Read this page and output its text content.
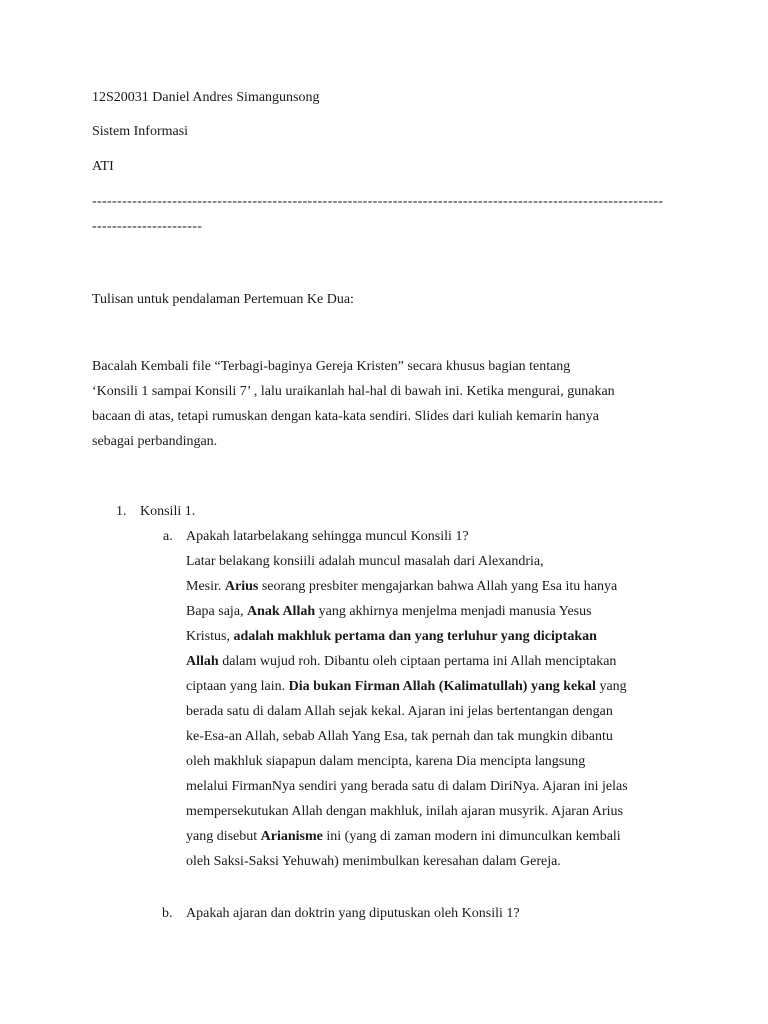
12S20031 Daniel Andres Simangunsong
Sistem Informasi
ATI
------------------------------------------------------------------------------------------------------------------
----------------------
Tulisan untuk pendalaman Pertemuan Ke Dua:
Bacalah Kembali file “Terbagi-baginya Gereja Kristen” secara khusus bagian tentang
‘Konsili 1 sampai Konsili 7’ , lalu uraikanlah hal-hal di bawah ini. Ketika mengurai, gunakan
bacaan di atas, tetapi rumuskan dengan kata-kata sendiri. Slides dari kuliah kemarin hanya
sebagai perbandingan.
1. Konsili 1.
a. Apakah latarbelakang sehingga muncul Konsili 1?
Latar belakang konsiili adalah muncul masalah dari Alexandria,
Mesir. Arius seorang presbiter mengajarkan bahwa Allah yang Esa itu hanya
Bapa saja, Anak Allah yang akhirnya menjelma menjadi manusia Yesus
Kristus, adalah makhluk pertama dan yang terluhur yang diciptakan
Allah dalam wujud roh. Dibantu oleh ciptaan pertama ini Allah menciptakan
ciptaan yang lain. Dia bukan Firman Allah (Kalimatullah) yang kekal yang
berada satu di dalam Allah sejak kekal. Ajaran ini jelas bertentangan dengan
ke-Esa-an Allah, sebab Allah Yang Esa, tak pernah dan tak mungkin dibantu
oleh makhluk siapapun dalam mencipta, karena Dia mencipta langsung
melalui FirmanNya sendiri yang berada satu di dalam DiriNya. Ajaran ini jelas
mempersekutukan Allah dengan makhluk, inilah ajaran musyrik. Ajaran Arius
yang disebut Arianisme ini (yang di zaman modern ini dimunculkan kembali
oleh Saksi-Saksi Yehuwah) menimbulkan keresahan dalam Gereja.
b. Apakah ajaran dan doktrin yang diputuskan oleh Konsili 1?
